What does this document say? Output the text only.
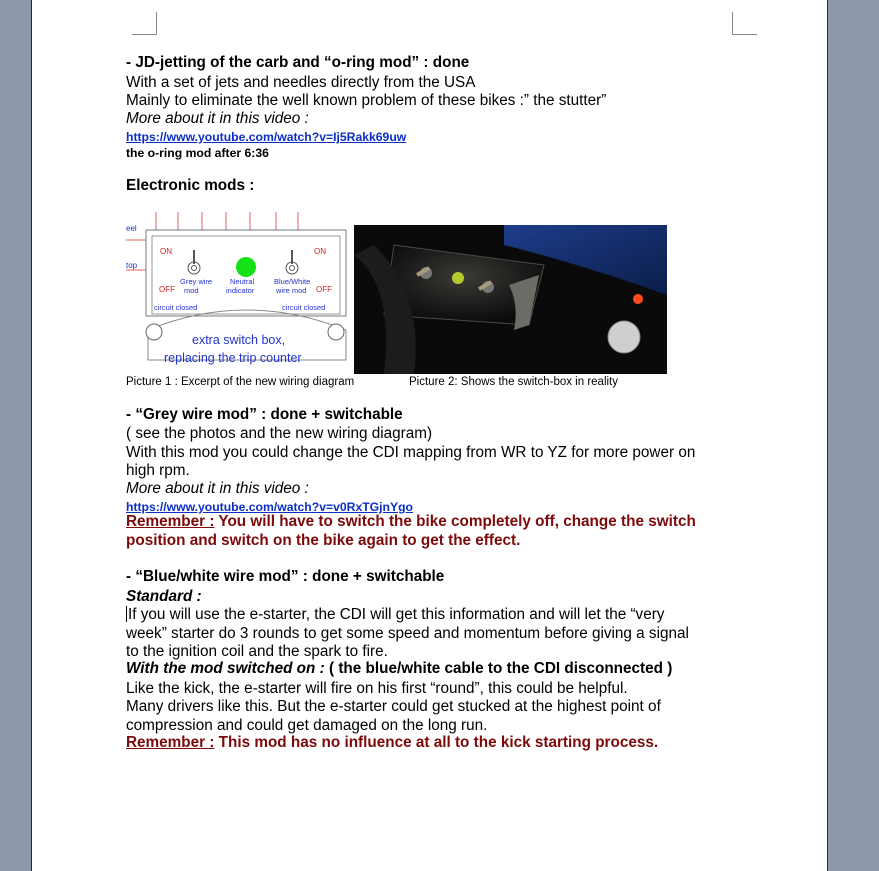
- JD-jetting of the carb and “o-ring mod” : done
With a set of jets and needles directly from the USA
Mainly to eliminate the well known problem of these bikes :” the stutter”
More about it in this video :
https://www.youtube.com/watch?v=Ij5Rakk69uw
the o-ring mod after 6:36
Electronic mods :
Picture 1 : Excerpt of the new wiring diagram	Picture 2: Shows the switch-box in reality
- “Grey wire mod” : done + switchable
( see the photos and the new wiring diagram)
With this mod you could change the CDI mapping from WR to YZ for more power on
high rpm.
More about it in this video :
https://www.youtube.com/watch?v=v0RxTGjnYgo
Remember : You will have to switch the bike completely off, change the switch
position and switch on the bike again to get the effect.
- “Blue/white wire mod” : done + switchable
Standard :
If you will use the e-starter, the CDI will get this information and will let the “very
week” starter do 3 rounds to get some speed and momentum before giving a signal
to the ignition coil and the spark to fire.
With the mod switched on : ( the blue/white cable to the CDI disconnected )
Like the kick, the e-starter will fire on his first “round”, this could be helpful.
Many drivers like this. But the e-starter could get stucked at the highest point of
compression and could get damaged on the long run.
Remember : This mod has no influence at all to the kick starting process.
eel
top
ON	ON
OFF	OFF
Grey wire mod
Neutral indicator
Blue/White wire mod
circuit closed	circuit closed
extra switch box,
replacing the trip counter
